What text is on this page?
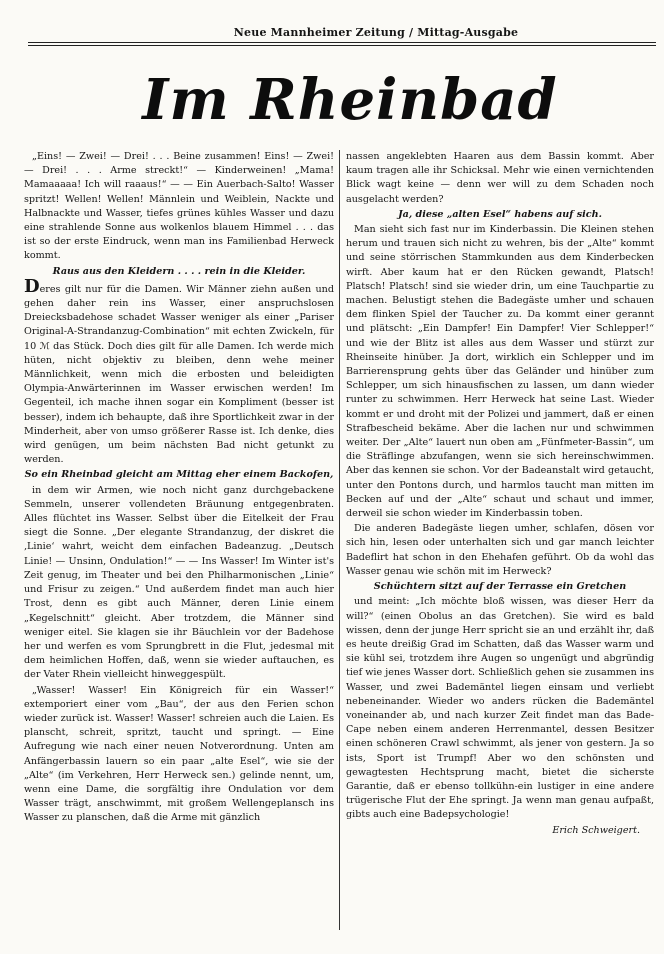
Neue Mannheimer Zeitung / Mittag-Ausgabe
Im Rheinbad

„Eins! — Zwei! — Drei! . . . Beine zusammen! Eins! — Zwei! — Drei! . . . Arme streckt!“ — Kinderweinen! „Mama! Mamaaaaa! Ich will raaaus!“ — — Ein Auerbach-Salto! Wasser spritzt! Wellen! Wellen! Männlein und Weiblein, Nackte und Halbnackte und Wasser, tiefes grünes kühles Wasser und dazu eine strahlende Sonne aus wolkenlos blauem Himmel . . . das ist so der erste Eindruck, wenn man ins Familienbad Herweck kommt.

Raus aus den Kleidern . . . . rein in die Kleider.

Deres gilt nur für die Damen. Wir Männer ziehn außen und gehen daher rein ins Wasser, einer anspruchslosen Dreiecksbadehose schadet Wasser weniger als einer „Pariser Original-A-Strandanzug-Combination“ mit echten Zwickeln, für 10 ℳ das Stück. Doch dies gilt für alle Damen. Ich werde mich hüten, nicht objektiv zu bleiben, denn wehe meiner Männlichkeit, wenn mich die erbosten und beleidigten Olympia-Anwärterinnen im Wasser erwischen werden! Im Gegenteil, ich mache ihnen sogar ein Kompliment (besser ist besser), indem ich behaupte, daß ihre Sportlichkeit zwar in der Minderheit, aber von umso größerer Rasse ist. Ich denke, dies wird genügen, um beim nächsten Bad nicht getunkt zu werden.

So ein Rheinbad gleicht am Mittag eher einem Backofen,

in dem wir Armen, wie noch nicht ganz durchgebackene Semmeln, unserer vollendeten Bräunung entgegenbraten. Alles flüchtet ins Wasser. Selbst über die Eitelkeit der Frau siegt die Sonne. „Der elegante Strandanzug, der diskret die ‚Linie‘ wahrt, weicht dem einfachen Badeanzug. „Deutsch Linie! — Unsinn, Ondulation!“ — — Ins Wasser! Im Winter ist's Zeit genug, im Theater und bei den Philharmonischen „Linie“ und Frisur zu zeigen.“ Und außerdem findet man auch hier Trost, denn es gibt auch Männer, deren Linie einem „Kegelschnitt“ gleicht. Aber trotzdem, die Männer sind weniger eitel. Sie klagen sie ihr Bäuchlein vor der Badehose her und werfen es vom Sprungbrett in die Flut, jedesmal mit dem heimlichen Hoffen, daß, wenn sie wieder auftauchen, es der Vater Rhein vielleicht hinweggespült.

„Wasser! Wasser! Ein Königreich für ein Wasser!“ extemporiert einer vom „Bau“, der aus den Ferien schon wieder zurück ist. Wasser! Wasser! schreien auch die Laien. Es planscht, schreit, spritzt, taucht und springt. — Eine Aufregung wie nach einer neuen Notverordnung. Unten am Anfängerbassin lauern so ein paar „alte Esel“, wie sie der „Alte“ (im Verkehren, Herr Herweck sen.) gelinde nennt, um, wenn eine Dame, die sorgfältig ihre Ondulation vor dem Wasser trägt, anschwimmt, mit großem Wellengeplansch ins Wasser zu planschen, daß die Arme mit gänzlich

nassen angeklebten Haaren aus dem Bassin kommt. Aber kaum tragen alle ihr Schicksal. Mehr wie einen vernichtenden Blick wagt keine — denn wer will zu dem Schaden noch ausgelacht werden?

Ja, diese „alten Esel“ habens auf sich.

Man sieht sich fast nur im Kinderbassin. Die Kleinen stehen herum und trauen sich nicht zu wehren, bis der „Alte“ kommt und seine störrischen Stammkunden aus dem Kinderbecken wirft. Aber kaum hat er den Rücken gewandt, Platsch! Platsch! Platsch! sind sie wieder drin, um eine Tauchpartie zu machen. Belustigt stehen die Badegäste umher und schauen dem flinken Spiel der Taucher zu. Da kommt einer gerannt und plätscht: „Ein Dampfer! Ein Dampfer! Vier Schlepper!“ und wie der Blitz ist alles aus dem Wasser und stürzt zur Rheinseite hinüber. Ja dort, wirklich ein Schlepper und im Barrierensprung gehts über das Geländer und hinüber zum Schlepper, um sich hinausfischen zu lassen, um dann wieder runter zu schwimmen. Herr Herweck hat seine Last. Wieder kommt er und droht mit der Polizei und jammert, daß er einen Strafbescheid bekäme. Aber die lachen nur und schwimmen weiter. Der „Alte“ lauert nun oben am „Fünfmeter-Bassin“, um die Sträflinge abzufangen, wenn sie sich hereinschwimmen. Aber das kennen sie schon. Vor der Badeanstalt wird getaucht, unter den Pontons durch, und harmlos taucht man mitten im Becken auf und der „Alte“ schaut und schaut und immer, derweil sie schon wieder im Kinderbassin toben.

Die anderen Badegäste liegen umher, schlafen, dösen vor sich hin, lesen oder unterhalten sich und gar manch leichter Badeflirt hat schon in den Ehehafen geführt. Ob da wohl das Wasser genau wie schön mit im Herweck?

Schüchtern sitzt auf der Terrasse ein Gretchen

und meint: „Ich möchte bloß wissen, was dieser Herr da will?“ (einen Obolus an das Gretchen). Sie wird es bald wissen, denn der junge Herr spricht sie an und erzählt ihr, daß es heute dreißig Grad im Schatten, daß das Wasser warm und sie kühl sei, trotzdem ihre Augen so ungenügt und abgründig tief wie jenes Wasser dort. Schließlich gehen sie zusammen ins Wasser, und zwei Bademäntel liegen einsam und verliebt nebeneinander. Wieder wo anders rücken die Bademäntel voneinander ab, und nach kurzer Zeit findet man das Bade-Cape neben einem anderen Herrenmantel, dessen Besitzer einen schöneren Crawl schwimmt, als jener von gestern. Ja so ists, Sport ist Trumpf! Aber wo den schönsten und gewagtesten Hechtsprung macht, bietet die sicherste Garantie, daß er ebenso tollkühn-ein lustiger in eine andere trügerische Flut der Ehe springt. Ja wenn man genau aufpaßt, gibts auch eine Badepsychologie!

Erich Schweigert.
